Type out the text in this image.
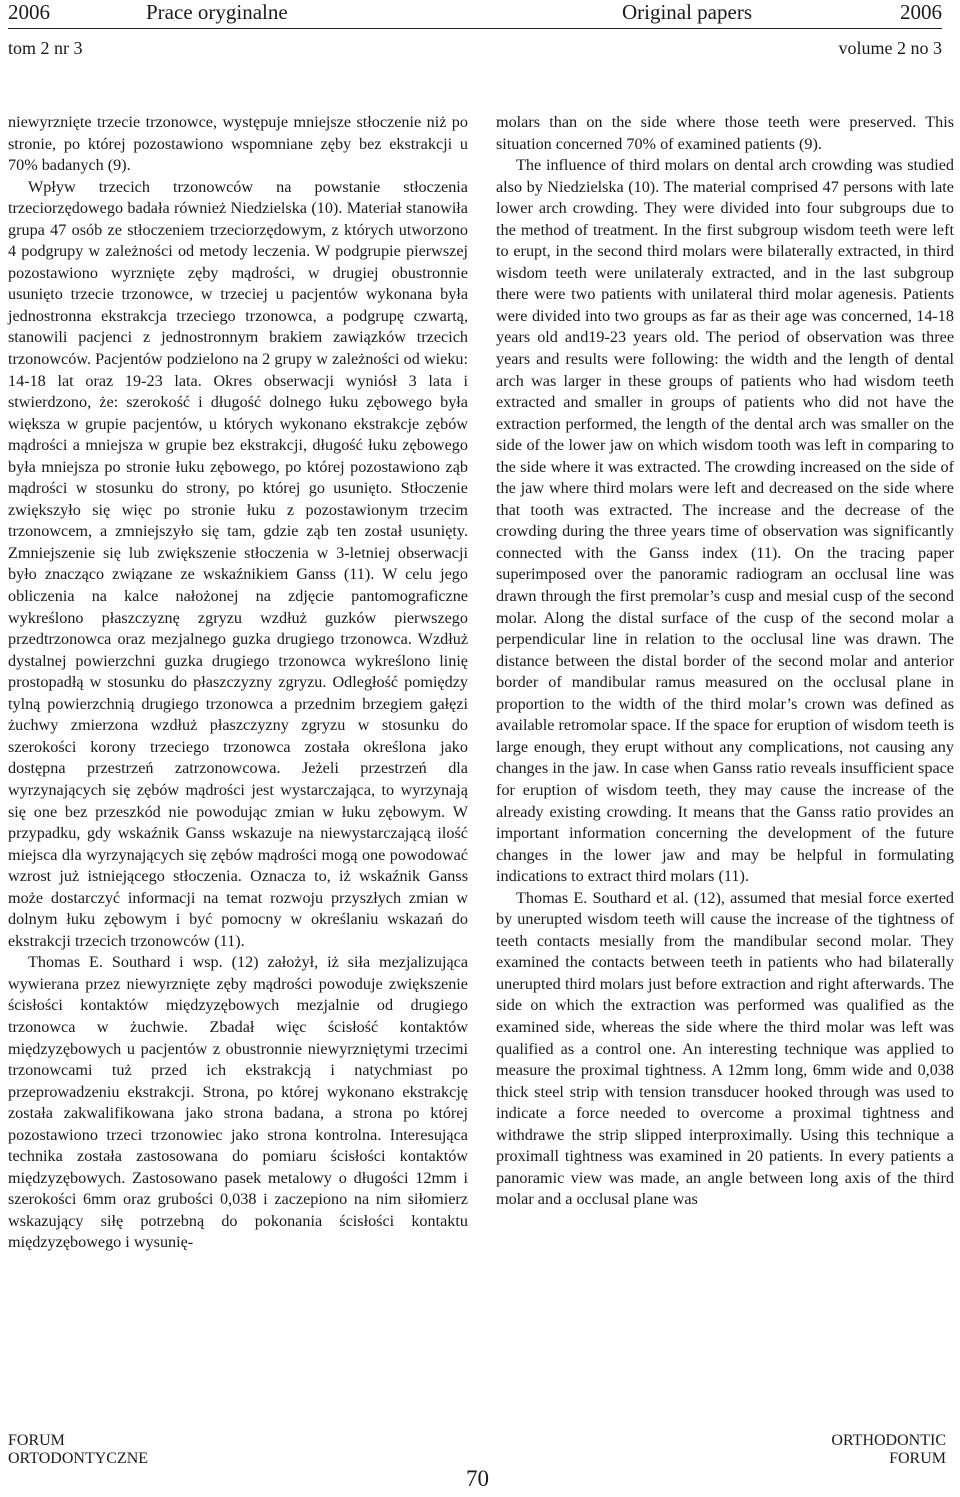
2006	Prace oryginalne	Original papers	2006
tom 2 nr 3	volume 2 no 3

niewyrznięte trzecie trzonowce, występuje mniejsze stłoczenie niż po stronie, po której pozostawiono wspomniane zęby bez ekstrakcji u 70% badanych (9).

Wpływ trzecich trzonowców na powstanie stłoczenia trzeciorzędowego badała również Niedzielska (10). Materiał stanowiła grupa 47 osób ze stłoczeniem trzeciorzędowym, z których utworzono 4 podgrupy w zależności od metody leczenia. W podgrupie pierwszej pozostawiono wyrznięte zęby mądrości, w drugiej obustronnie usunięto trzecie trzonowce, w trzeciej u pacjentów wykonana była jednostronna ekstrakcja trzeciego trzonowca, a podgrupę czwartą, stanowili pacjenci z jednostronnym brakiem zawiązków trzecich trzonowców. Pacjentów podzielono na 2 grupy w zależności od wieku: 14-18 lat oraz 19-23 lata. Okres obserwacji wyniósł 3 lata i stwierdzono, że: szerokość i długość dolnego łuku zębowego była większa w grupie pacjentów, u których wykonano ekstrakcje zębów mądrości a mniejsza w grupie bez ekstrakcji, długość łuku zębowego była mniejsza po stronie łuku zębowego, po której pozostawiono ząb mądrości w stosunku do strony, po której go usunięto. Stłoczenie zwiększyło się więc po stronie łuku z pozostawionym trzecim trzonowcem, a zmniejszyło się tam, gdzie ząb ten został usunięty. Zmniejszenie się lub zwiększenie stłoczenia w 3-letniej obserwacji było znacząco związane ze wskaźnikiem Ganss (11). W celu jego obliczenia na kalce nałożonej na zdjęcie pantomograficzne wykreślono płaszczyznę zgryzu wzdłuż guzków pierwszego przedtrzonowca oraz mezjalnego guzka drugiego trzonowca. Wzdłuż dystalnej powierzchni guzka drugiego trzonowca wykreślono linię prostopadłą w stosunku do płaszczyzny zgryzu. Odległość pomiędzy tylną powierzchnią drugiego trzonowca a przednim brzegiem gałęzi żuchwy zmierzona wzdłuż płaszczyzny zgryzu w stosunku do szerokości korony trzeciego trzonowca została określona jako dostępna przestrzeń zatrzonowcowa. Jeżeli przestrzeń dla wyrzynających się zębów mądrości jest wystarczająca, to wyrzynają się one bez przeszkód nie powodując zmian w łuku zębowym. W przypadku, gdy wskaźnik Ganss wskazuje na niewystarczającą ilość miejsca dla wyrzynających się zębów mądrości mogą one powodować wzrost już istniejącego stłoczenia. Oznacza to, iż wskaźnik Ganss może dostarczyć informacji na temat rozwoju przyszłych zmian w dolnym łuku zębowym i być pomocny w określaniu wskazań do ekstrakcji trzecich trzonowców (11).

Thomas E. Southard i wsp. (12) założył, iż siła mezjalizująca wywierana przez niewyrznięte zęby mądrości powoduje zwiększenie ścisłości kontaktów międzyzębowych mezjalnie od drugiego trzonowca w żuchwie. Zbadał więc ścisłość kontaktów międzyzębowych u pacjentów z obustronnie niewyrzniętymi trzecimi trzonowcami tuż przed ich ekstrakcją i natychmiast po przeprowadzeniu ekstrakcji. Strona, po której wykonano ekstrakcję została zakwalifikowana jako strona badana, a strona po której pozostawiono trzeci trzonowiec jako strona kontrolna. Interesująca technika została zastosowana do pomiaru ścisłości kontaktów międzyzębowych. Zastosowano pasek metalowy o długości 12mm i szerokości 6mm oraz grubości 0,038 i zaczepiono na nim siłomierz wskazujący siłę potrzebną do pokonania ścisłości kontaktu międzyzębowego i wysunię-

molars than on the side where those teeth were preserved. This situation concerned 70% of examined patients (9).

The influence of third molars on dental arch crowding was studied also by Niedzielska (10). The material comprised 47 persons with late lower arch crowding. They were divided into four subgroups due to the method of treatment. In the first subgroup wisdom teeth were left to erupt, in the second third molars were bilaterally extracted, in third wisdom teeth were unilateraly extracted, and in the last subgroup there were two patients with unilateral third molar agenesis. Patients were divided into two groups as far as their age was concerned, 14-18 years old and19-23 years old. The period of observation was three years and results were following: the width and the length of dental arch was larger in these groups of patients who had wisdom teeth extracted and smaller in groups of patients who did not have the extraction performed, the length of the dental arch was smaller on the side of the lower jaw on which wisdom tooth was left in comparing to the side where it was extracted. The crowding increased on the side of the jaw where third molars were left and decreased on the side where that tooth was extracted. The increase and the decrease of the crowding during the three years time of observation was significantly connected with the Ganss index (11). On the tracing paper superimposed over the panoramic radiogram an occlusal line was drawn through the first premolar’s cusp and mesial cusp of the second molar. Along the distal surface of the cusp of the second molar a perpendicular line in relation to the occlusal line was drawn. The distance between the distal border of the second molar and anterior border of mandibular ramus measured on the occlusal plane in proportion to the width of the third molar’s crown was defined as available retromolar space. If the space for eruption of wisdom teeth is large enough, they erupt without any complications, not causing any changes in the jaw. In case when Ganss ratio reveals insufficient space for eruption of wisdom teeth, they may cause the increase of the already existing crowding. It means that the Ganss ratio provides an important information concerning the development of the future changes in the lower jaw and may be helpful in formulating indications to extract third molars (11).

Thomas E. Southard et al. (12), assumed that mesial force exerted by unerupted wisdom teeth will cause the increase of the tightness of teeth contacts mesially from the mandibular second molar. They examined the contacts between teeth in patients who had bilaterally unerupted third molars just before extraction and right afterwards. The side on which the extraction was performed was qualified as the examined side, whereas the side where the third molar was left was qualified as a control one. An interesting technique was applied to measure the proximal tightness. A 12mm long, 6mm wide and 0,038 thick steel strip with tension transducer hooked through was used to indicate a force needed to overcome a proximal tightness and withdrawe the strip slipped interproximally. Using this technique a proximall tightness was examined in 20 patients. In every patients a panoramic view was made, an angle between long axis of the third molar and a occlusal plane was

FORUM
ORTODONTYCZNE
70
ORTHODONTIC
FORUM
